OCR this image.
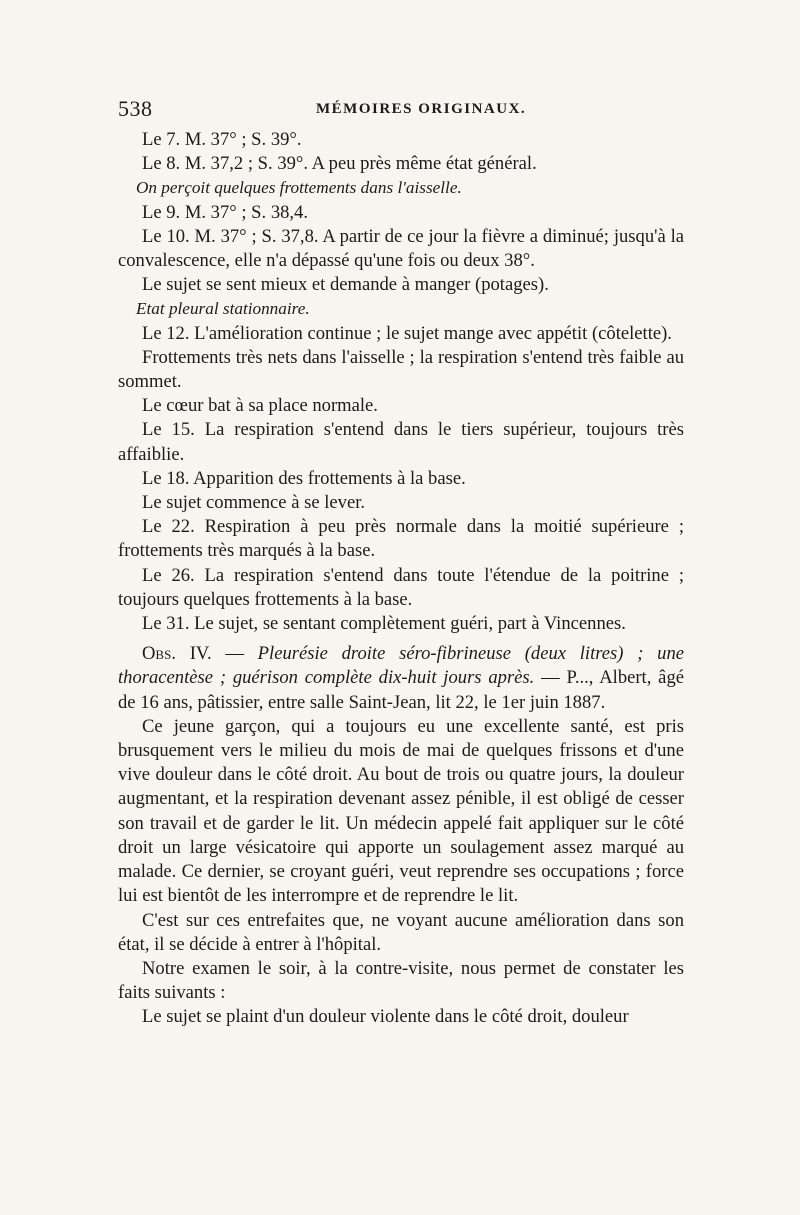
538	MÉMOIRES ORIGINAUX.

Le 7. M. 37° ; S. 39°.

Le 8. M. 37,2 ; S. 39°. A peu près même état général.

On perçoit quelques frottements dans l'aisselle.

Le 9. M. 37° ; S. 38,4.

Le 10. M. 37° ; S. 37,8. A partir de ce jour la fièvre a diminué; jusqu'à la convalescence, elle n'a dépassé qu'une fois ou deux 38°.

Le sujet se sent mieux et demande à manger (potages).

Etat pleural stationnaire.

Le 12. L'amélioration continue ; le sujet mange avec appétit (côtelette).

Frottements très nets dans l'aisselle ; la respiration s'entend très faible au sommet.

Le cœur bat à sa place normale.

Le 15. La respiration s'entend dans le tiers supérieur, toujours très affaiblie.

Le 18. Apparition des frottements à la base.

Le sujet commence à se lever.

Le 22. Respiration à peu près normale dans la moitié supérieure ; frottements très marqués à la base.

Le 26. La respiration s'entend dans toute l'étendue de la poitrine ; toujours quelques frottements à la base.

Le 31. Le sujet, se sentant complètement guéri, part à Vincennes.

Obs. IV. — Pleurésie droite séro-fibrineuse (deux litres) ; une thoracentèse ; guérison complète dix-huit jours après. — P..., Albert, âgé de 16 ans, pâtissier, entre salle Saint-Jean, lit 22, le 1er juin 1887.

Ce jeune garçon, qui a toujours eu une excellente santé, est pris brusquement vers le milieu du mois de mai de quelques frissons et d'une vive douleur dans le côté droit. Au bout de trois ou quatre jours, la douleur augmentant, et la respiration devenant assez pénible, il est obligé de cesser son travail et de garder le lit. Un médecin appelé fait appliquer sur le côté droit un large vésicatoire qui apporte un soulagement assez marqué au malade. Ce dernier, se croyant guéri, veut reprendre ses occupations ; force lui est bientôt de les interrompre et de reprendre le lit.

C'est sur ces entrefaites que, ne voyant aucune amélioration dans son état, il se décide à entrer à l'hôpital.

Notre examen le soir, à la contre-visite, nous permet de constater les faits suivants :

Le sujet se plaint d'un douleur violente dans le côté droit, douleur
